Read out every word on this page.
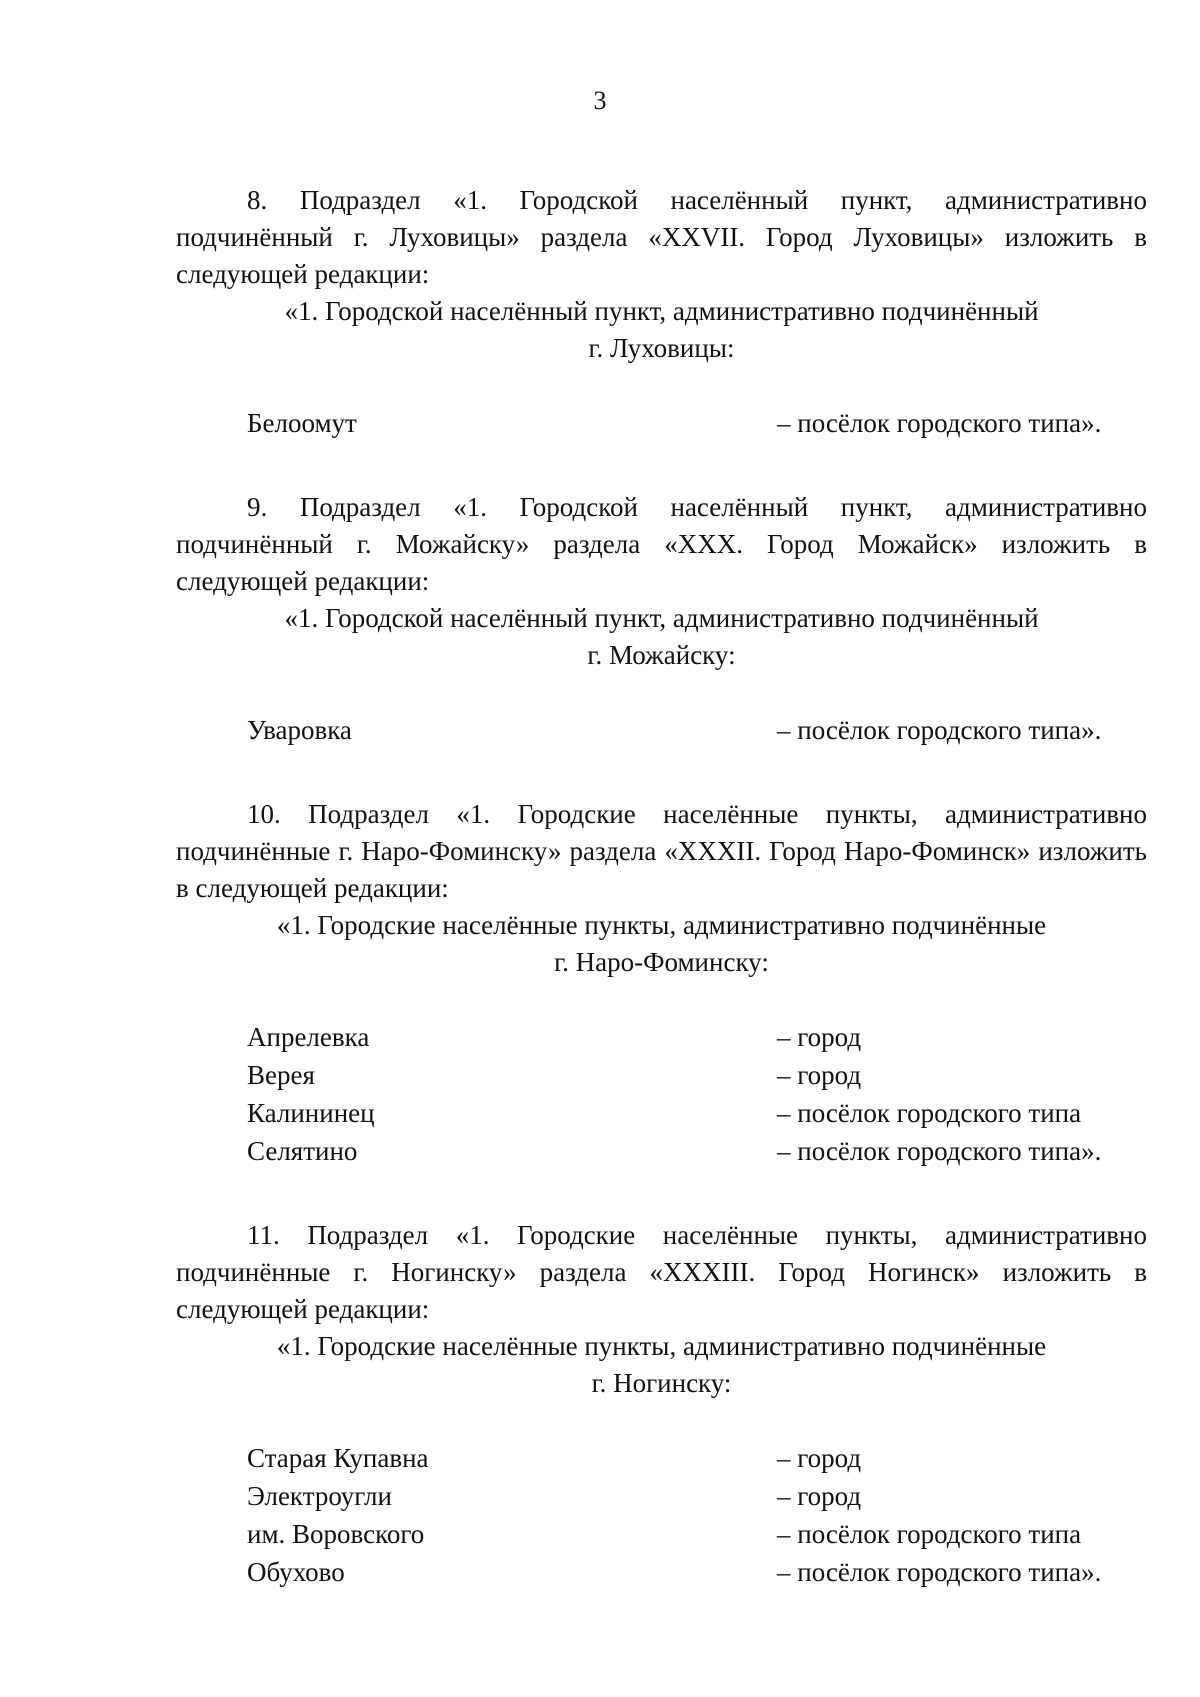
3

8. Подраздел «1. Городской населённый пункт, административно подчинённый г. Луховицы» раздела «XXVII. Город Луховицы» изложить в следующей редакции:

«1. Городской населённый пункт, административно подчинённый
г. Луховицы:

Белоомут	– посёлок городского типа».

9. Подраздел «1. Городской населённый пункт, административно подчинённый г. Можайску» раздела «XXX. Город Можайск» изложить в следующей редакции:

«1. Городской населённый пункт, административно подчинённый
г. Можайску:

Уваровка	– посёлок городского типа».

10. Подраздел «1. Городские населённые пункты, административно подчинённые г. Наро-Фоминску» раздела «XXXII. Город Наро-Фоминск» изложить в следующей редакции:

«1. Городские населённые пункты, административно подчинённые
г. Наро-Фоминску:

Апрелевка	– город
Верея	– город
Калининец	– посёлок городского типа
Селятино	– посёлок городского типа».

11. Подраздел «1. Городские населённые пункты, административно подчинённые г. Ногинску» раздела «XXXIII. Город Ногинск» изложить в следующей редакции:

«1. Городские населённые пункты, административно подчинённые
г. Ногинску:

Старая Купавна	– город
Электроугли	– город
им. Воровского	– посёлок городского типа
Обухово	– посёлок городского типа».
